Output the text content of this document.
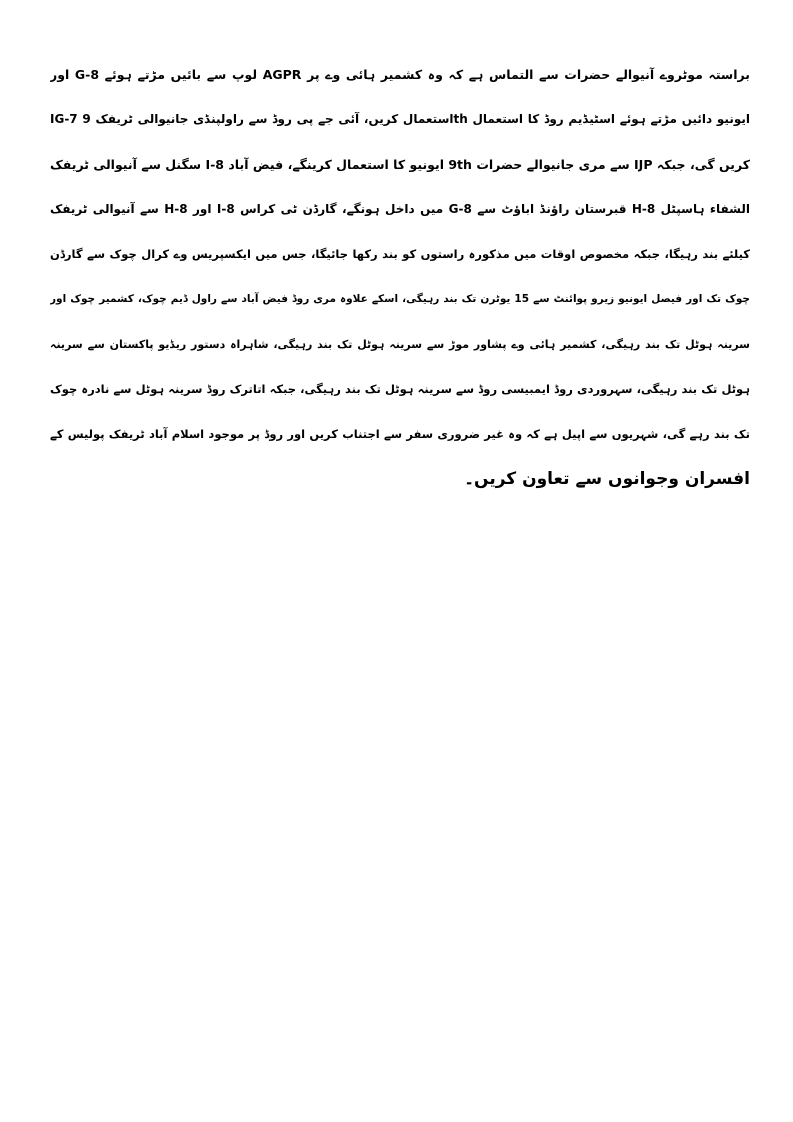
براستہ موٹروے آنیوالے حضرات سے التماس ہے کہ وہ کشمیر ہائی وے پر AGPR لوپ سے بائیں مڑتے ہوئے G-8 اور
IG-7 استعمال کریں، آئی جے پی روڈ سے راولپنڈی جانیوالی ٹریفک 9th ایونیو دائیں مڑتے ہوئے اسٹیڈیم روڈ کا استعمال
کریں گی، جبکہ IJP سے مری جانیوالے حضرات 9th ایونیو کا استعمال کرینگے، فیض آباد I-8 سگنل سے آنیوالی ٹریفک
الشفاء ہاسپٹل H-8 قبرستان راؤنڈ اباؤٹ سے G-8 میں داخل ہونگے، گارڈن ٹی کراس I-8 اور H-8 سے آنیوالی ٹریفک
کیلئے بند رہیگا، جبکہ مخصوص اوقات میں مذکورہ راستوں کو بند رکھا جائیگا، جس میں ایکسپریس وے کرال چوک سے گارڈن
چوک تک اور فیصل ایونیو زیرو پوائنٹ سے 15 یوٹرن تک بند رہیگی، اسکے علاوہ مری روڈ فیض آباد سے راول ڈیم چوک، کشمیر چوک اور
سرینہ ہوٹل تک بند رہیگی، کشمیر ہائی وے پشاور موڑ سے سرینہ ہوٹل تک بند رہیگی، شاہراہ دستور ریڈیو پاکستان سے سرینہ
ہوٹل تک بند رہیگی، سہروردی روڈ ایمبیسی روڈ سے سرینہ ہوٹل تک بند رہیگی، جبکہ اتاترک روڈ سرینہ ہوٹل سے نادرہ چوک
تک بند رہے گی، شہریوں سے اپیل ہے کہ وہ غیر ضروری سفر سے اجتناب کریں اور روڈ پر موجود اسلام آباد ٹریفک پولیس کے
افسران وجوانوں سے تعاون کریں۔
